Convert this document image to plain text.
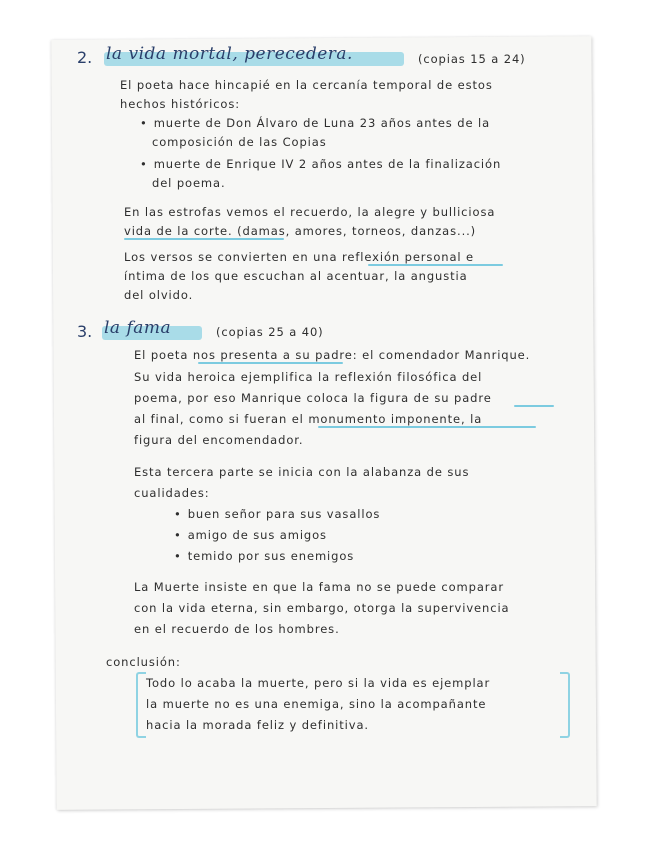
2. la vida mortal, perecedera.	(copias 15 a 24)
El poeta hace hincapié en la cercanía temporal de estos
hechos históricos:
• muerte de Don Álvaro de Luna 23 años antes de la
composición de las Copias
• muerte de Enrique IV 2 años antes de la finalización
del poema.
En las estrofas vemos el recuerdo, la alegre y bulliciosa
vida de la corte. (damas, amores, torneos, danzas...)
Los versos se convierten en una reflexión personal e
íntima de los que escuchan al acentuar, la angustia
del olvido.
3. la fama	(copias 25 a 40)
El poeta nos presenta a su padre: el comendador Manrique.
Su vida heroica ejemplifica la reflexión filosófica del
poema, por eso Manrique coloca la figura de su padre
al final, como si fueran el monumento imponente, la
figura del encomendador.
Esta tercera parte se inicia con la alabanza de sus
cualidades:
• buen señor para sus vasallos
• amigo de sus amigos
• temido por sus enemigos
La Muerte insiste en que la fama no se puede comparar
con la vida eterna, sin embargo, otorga la supervivencia
en el recuerdo de los hombres.
conclusión:
Todo lo acaba la muerte, pero si la vida es ejemplar
la muerte no es una enemiga, sino la acompañante
hacia la morada feliz y definitiva.
